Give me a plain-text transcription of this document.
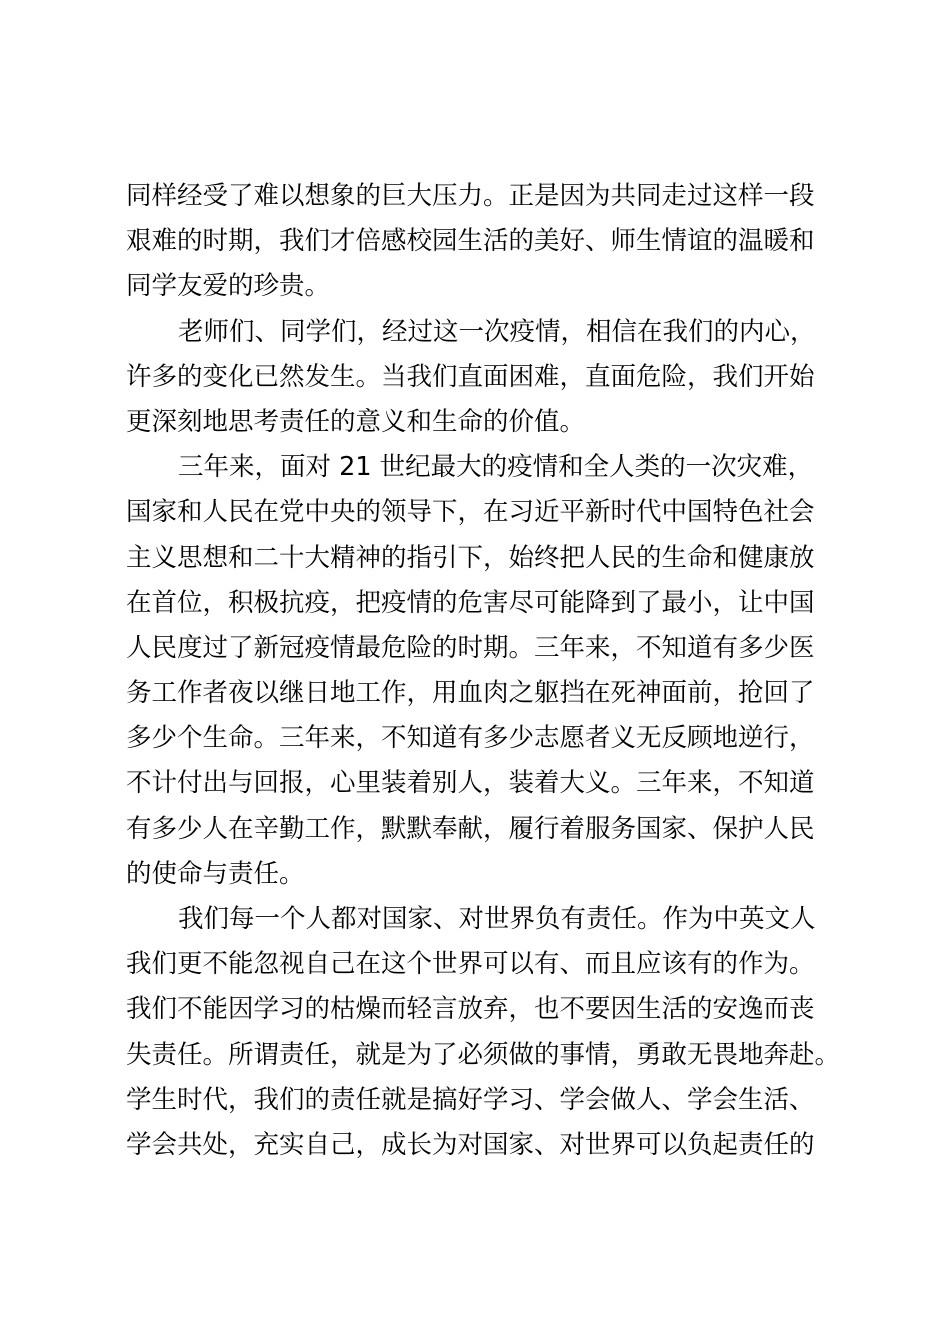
同样经受了难以想象的巨大压力。正是因为共同走过这样一段
艰难的时期，我们才倍感校园生活的美好、师生情谊的温暖和
同学友爱的珍贵。
老师们、同学们，经过这一次疫情，相信在我们的内心，
许多的变化已然发生。当我们直面困难，直面危险，我们开始
更深刻地思考责任的意义和生命的价值。
三年来，面对 21 世纪最大的疫情和全人类的一次灾难，
国家和人民在党中央的领导下，在习近平新时代中国特色社会
主义思想和二十大精神的指引下，始终把人民的生命和健康放
在首位，积极抗疫，把疫情的危害尽可能降到了最小，让中国
人民度过了新冠疫情最危险的时期。三年来，不知道有多少医
务工作者夜以继日地工作，用血肉之躯挡在死神面前，抢回了
多少个生命。三年来，不知道有多少志愿者义无反顾地逆行，
不计付出与回报，心里装着别人，装着大义。三年来，不知道
有多少人在辛勤工作，默默奉献，履行着服务国家、保护人民
的使命与责任。
我们每一个人都对国家、对世界负有责任。作为中英文人
我们更不能忽视自己在这个世界可以有、而且应该有的作为。
我们不能因学习的枯燥而轻言放弃，也不要因生活的安逸而丧
失责任。所谓责任，就是为了必须做的事情，勇敢无畏地奔赴。
学生时代，我们的责任就是搞好学习、学会做人、学会生活、
学会共处，充实自己，成长为对国家、对世界可以负起责任的
